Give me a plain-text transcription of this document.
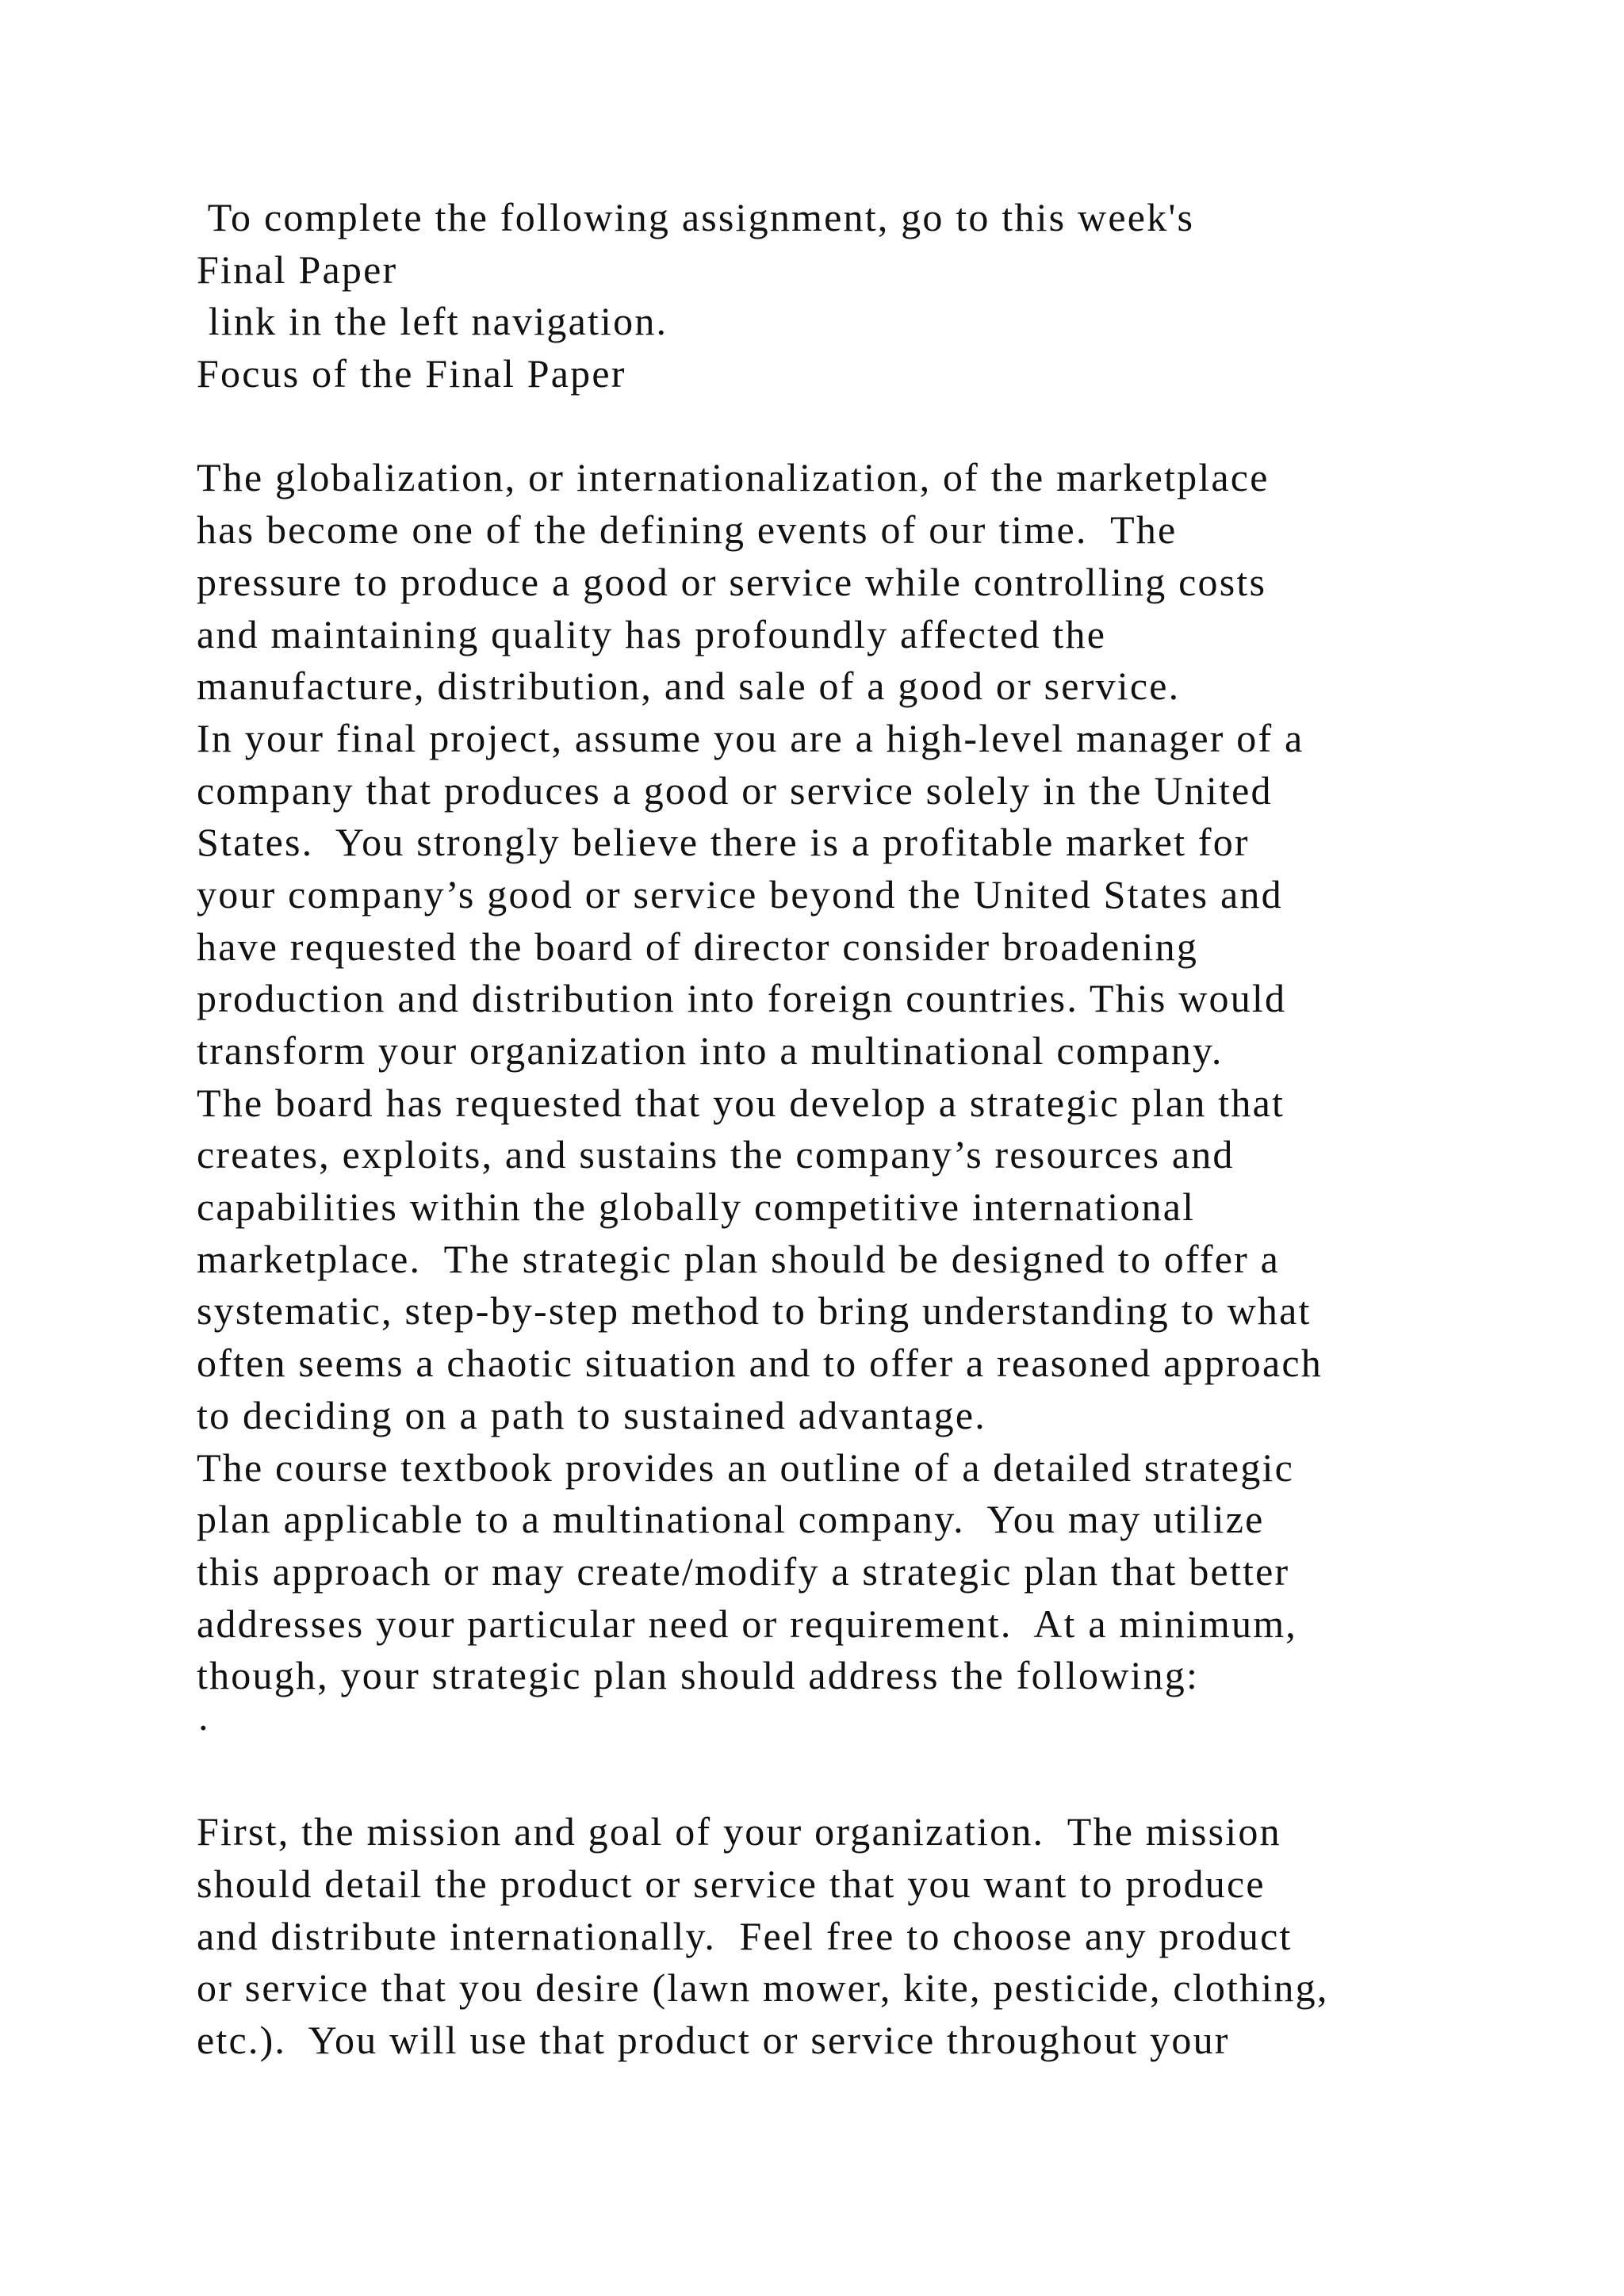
To complete the following assignment, go to this week's
Final Paper
link in the left navigation.
Focus of the Final Paper
The globalization, or internationalization, of the marketplace
has become one of the defining events of our time.  The
pressure to produce a good or service while controlling costs
and maintaining quality has profoundly affected the
manufacture, distribution, and sale of a good or service.
In your final project, assume you are a high-level manager of a
company that produces a good or service solely in the United
States.  You strongly believe there is a profitable market for
your company’s good or service beyond the United States and
have requested the board of director consider broadening
production and distribution into foreign countries. This would
transform your organization into a multinational company.
The board has requested that you develop a strategic plan that
creates, exploits, and sustains the company’s resources and
capabilities within the globally competitive international
marketplace.  The strategic plan should be designed to offer a
systematic, step-by-step method to bring understanding to what
often seems a chaotic situation and to offer a reasoned approach
to deciding on a path to sustained advantage.
The course textbook provides an outline of a detailed strategic
plan applicable to a multinational company.  You may utilize
this approach or may create/modify a strategic plan that better
addresses your particular need or requirement.  At a minimum,
though, your strategic plan should address the following:
·
First, the mission and goal of your organization.  The mission
should detail the product or service that you want to produce
and distribute internationally.  Feel free to choose any product
or service that you desire (lawn mower, kite, pesticide, clothing,
etc.).  You will use that product or service throughout your
